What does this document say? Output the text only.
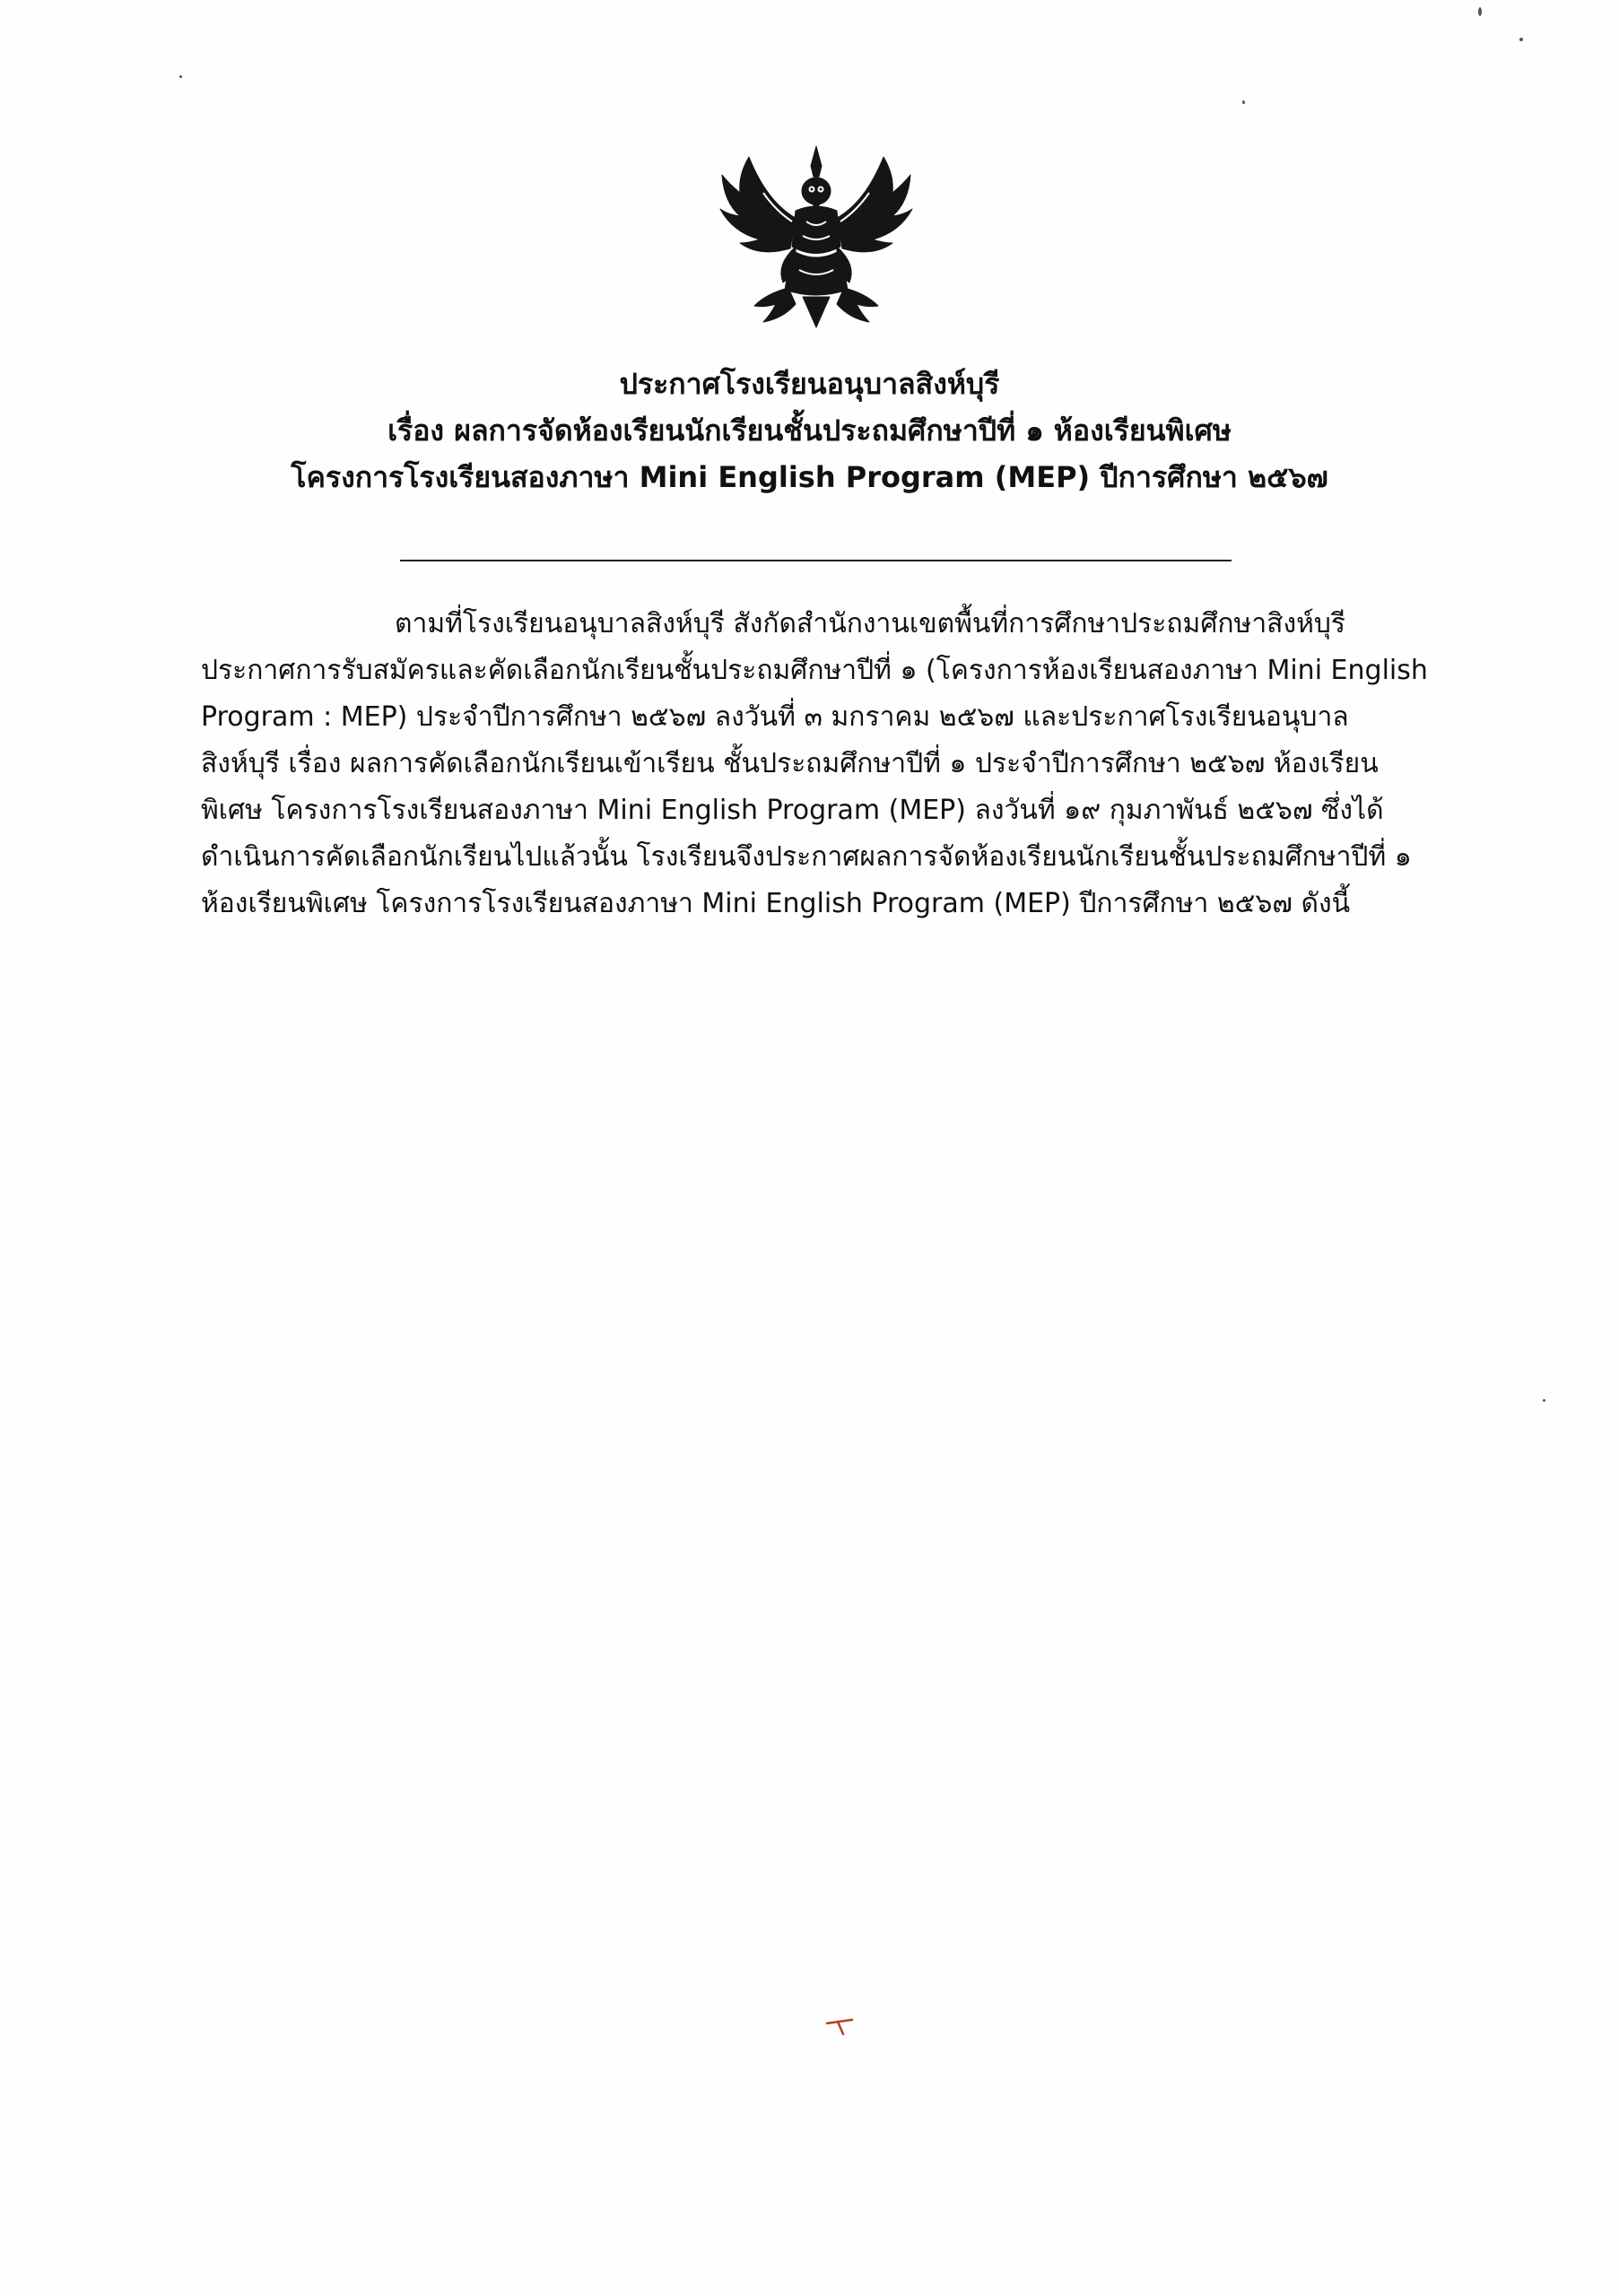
ประกาศโรงเรียนอนุบาลสิงห์บุรี

เรื่อง ผลการจัดห้องเรียนนักเรียนชั้นประถมศึกษาปีที่ ๑ ห้องเรียนพิเศษ

โครงการโรงเรียนสองภาษา Mini English Program (MEP) ปีการศึกษา ๒๕๖๗

ตามที่โรงเรียนอนุบาลสิงห์บุรี สังกัดสำนักงานเขตพื้นที่การศึกษาประถมศึกษาสิงห์บุรี
ประกาศการรับสมัครและคัดเลือกนักเรียนชั้นประถมศึกษาปีที่ ๑ (โครงการห้องเรียนสองภาษา Mini English
Program : MEP) ประจำปีการศึกษา ๒๕๖๗ ลงวันที่ ๓ มกราคม ๒๕๖๗ และประกาศโรงเรียนอนุบาล
สิงห์บุรี เรื่อง ผลการคัดเลือกนักเรียนเข้าเรียน ชั้นประถมศึกษาปีที่ ๑ ประจำปีการศึกษา ๒๕๖๗ ห้องเรียน
พิเศษ โครงการโรงเรียนสองภาษา Mini English Program (MEP) ลงวันที่ ๑๙ กุมภาพันธ์ ๒๕๖๗ ซึ่งได้
ดำเนินการคัดเลือกนักเรียนไปแล้วนั้น โรงเรียนจึงประกาศผลการจัดห้องเรียนนักเรียนชั้นประถมศึกษาปีที่ ๑
ห้องเรียนพิเศษ โครงการโรงเรียนสองภาษา Mini English Program (MEP) ปีการศึกษา ๒๕๖๗ ดังนี้
